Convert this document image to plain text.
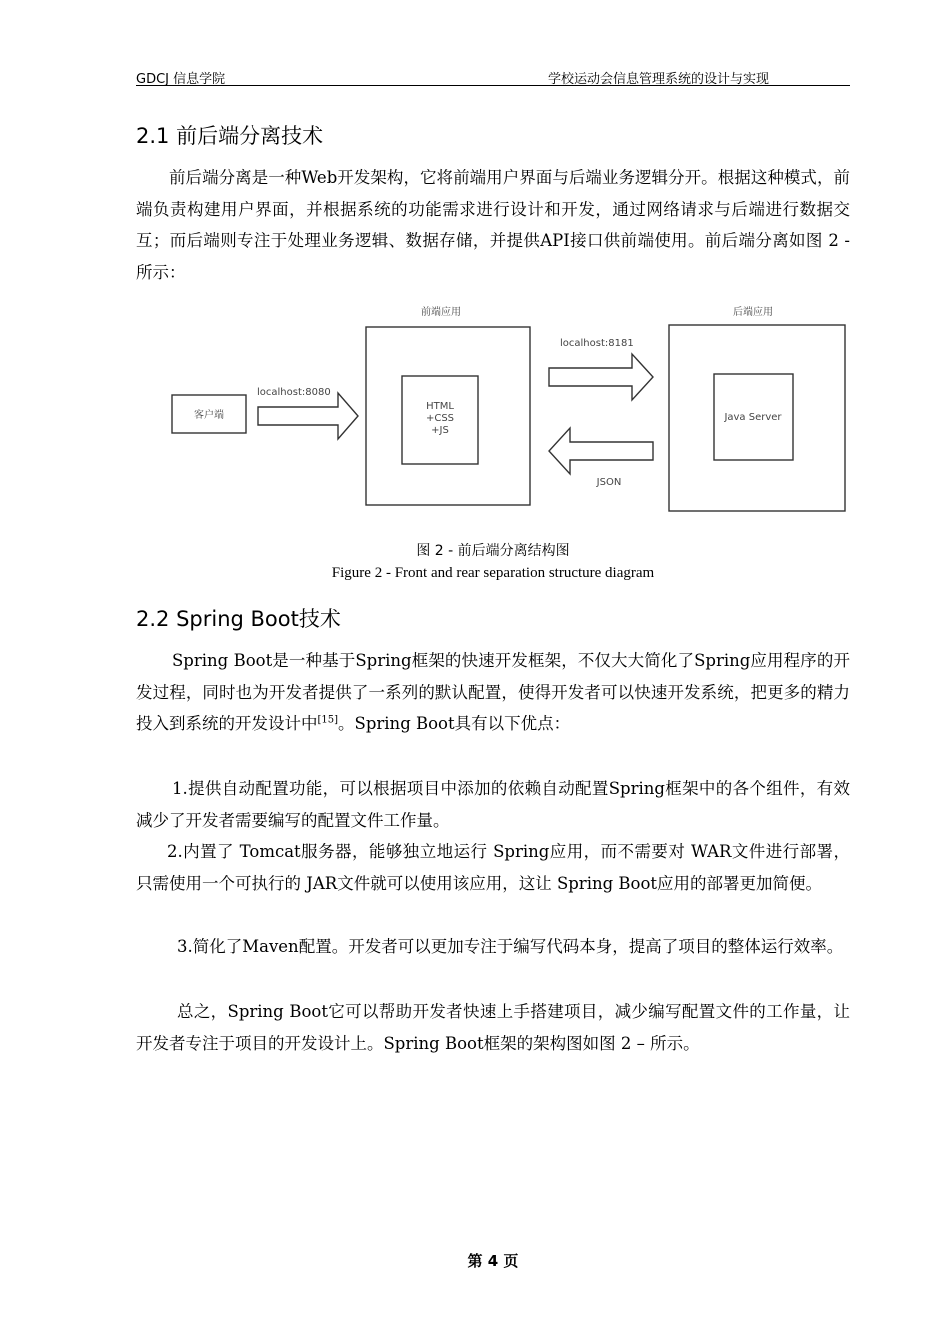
GDCJ 信息学院	学校运动会信息管理系统的设计与实现
2.1 前后端分离技术

前后端分离是一种Web开发架构，它将前端用户界面与后端业务逻辑分开。根据这种模式，前端负责构建用户界面，并根据系统的功能需求进行设计和开发，通过网络请求与后端进行数据交互；而后端则专注于处理业务逻辑、数据存储，并提供API接口供前端使用。前后端分离如图 2 - 所示：

前端应用	后端应用
客户端
localhost:8080
localhost:8181
HTML
+CSS
+JS
Java Server
JSON
图 2 - 前后端分离结构图
Figure 2 - Front and rear separation structure diagram
2.2 Spring Boot技术

Spring Boot是一种基于Spring框架的快速开发框架，不仅大大简化了Spring应用程序的开发过程，同时也为开发者提供了一系列的默认配置，使得开发者可以快速开发系统，把更多的精力投入到系统的开发设计中[15]。Spring Boot具有以下优点：

1.提供自动配置功能，可以根据项目中添加的依赖自动配置Spring框架中的各个组件，有效减少了开发者需要编写的配置文件工作量。

2.内置了 Tomcat服务器，能够独立地运行 Spring应用，而不需要对 WAR文件进行部署，只需使用一个可执行的 JAR文件就可以使用该应用，这让 Spring Boot应用的部署更加简便。

3.简化了Maven配置。开发者可以更加专注于编写代码本身，提高了项目的整体运行效率。

总之，Spring Boot它可以帮助开发者快速上手搭建项目，减少编写配置文件的工作量，让开发者专注于项目的开发设计上。Spring Boot框架的架构图如图 2 – 所示。

第 4 页
